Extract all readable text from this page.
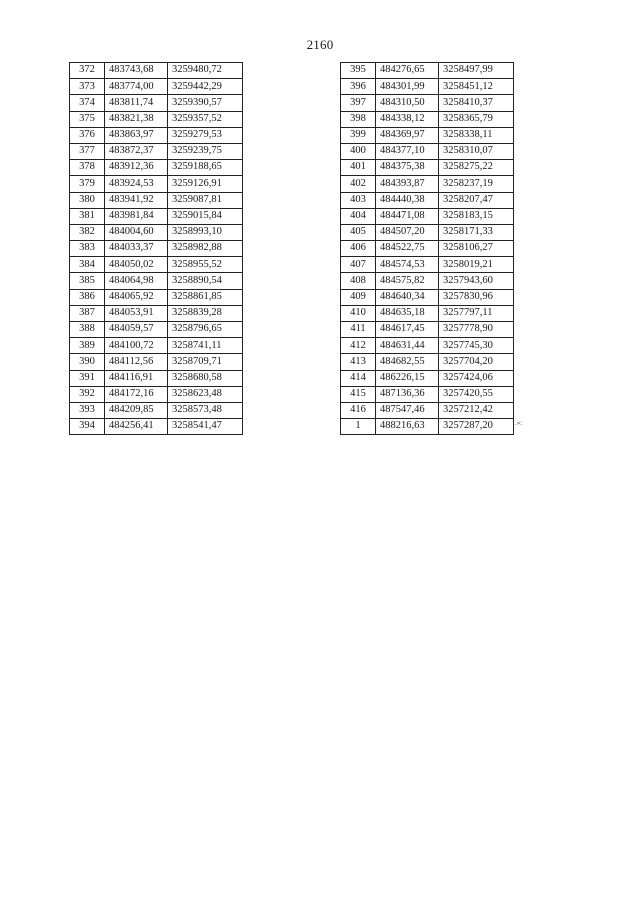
2160
372	483743,68	3259480,72
373	483774,00	3259442,29
374	483811,74	3259390,57
375	483821,38	3259357,52
376	483863,97	3259279,53
377	483872,37	3259239,75
378	483912,36	3259188,65
379	483924,53	3259126,91
380	483941,92	3259087,81
381	483981,84	3259015,84
382	484004,60	3258993,10
383	484033,37	3258982,88
384	484050,02	3258955,52
385	484064,98	3258890,54
386	484065,92	3258861,85
387	484053,91	3258839,28
388	484059,57	3258796,65
389	484100,72	3258741,11
390	484112,56	3258709,71
391	484116,91	3258680,58
392	484172,16	3258623,48
393	484209,85	3258573,48
394	484256,41	3258541,47
395	484276,65	3258497,99
396	484301,99	3258451,12
397	484310,50	3258410,37
398	484338,12	3258365,79
399	484369,97	3258338,11
400	484377,10	3258310,07
401	484375,38	3258275,22
402	484393,87	3258237,19
403	484440,38	3258207,47
404	484471,08	3258183,15
405	484507,20	3258171,33
406	484522,75	3258106,27
407	484574,53	3258019,21
408	484575,82	3257943,60
409	484640,34	3257830,96
410	484635,18	3257797,11
411	484617,45	3257778,90
412	484631,44	3257745,30
413	484682,55	3257704,20
414	486226,15	3257424,06
415	487136,36	3257420,55
416	487547,46	3257212,42
1	488216,63	3257287,20	.»:
